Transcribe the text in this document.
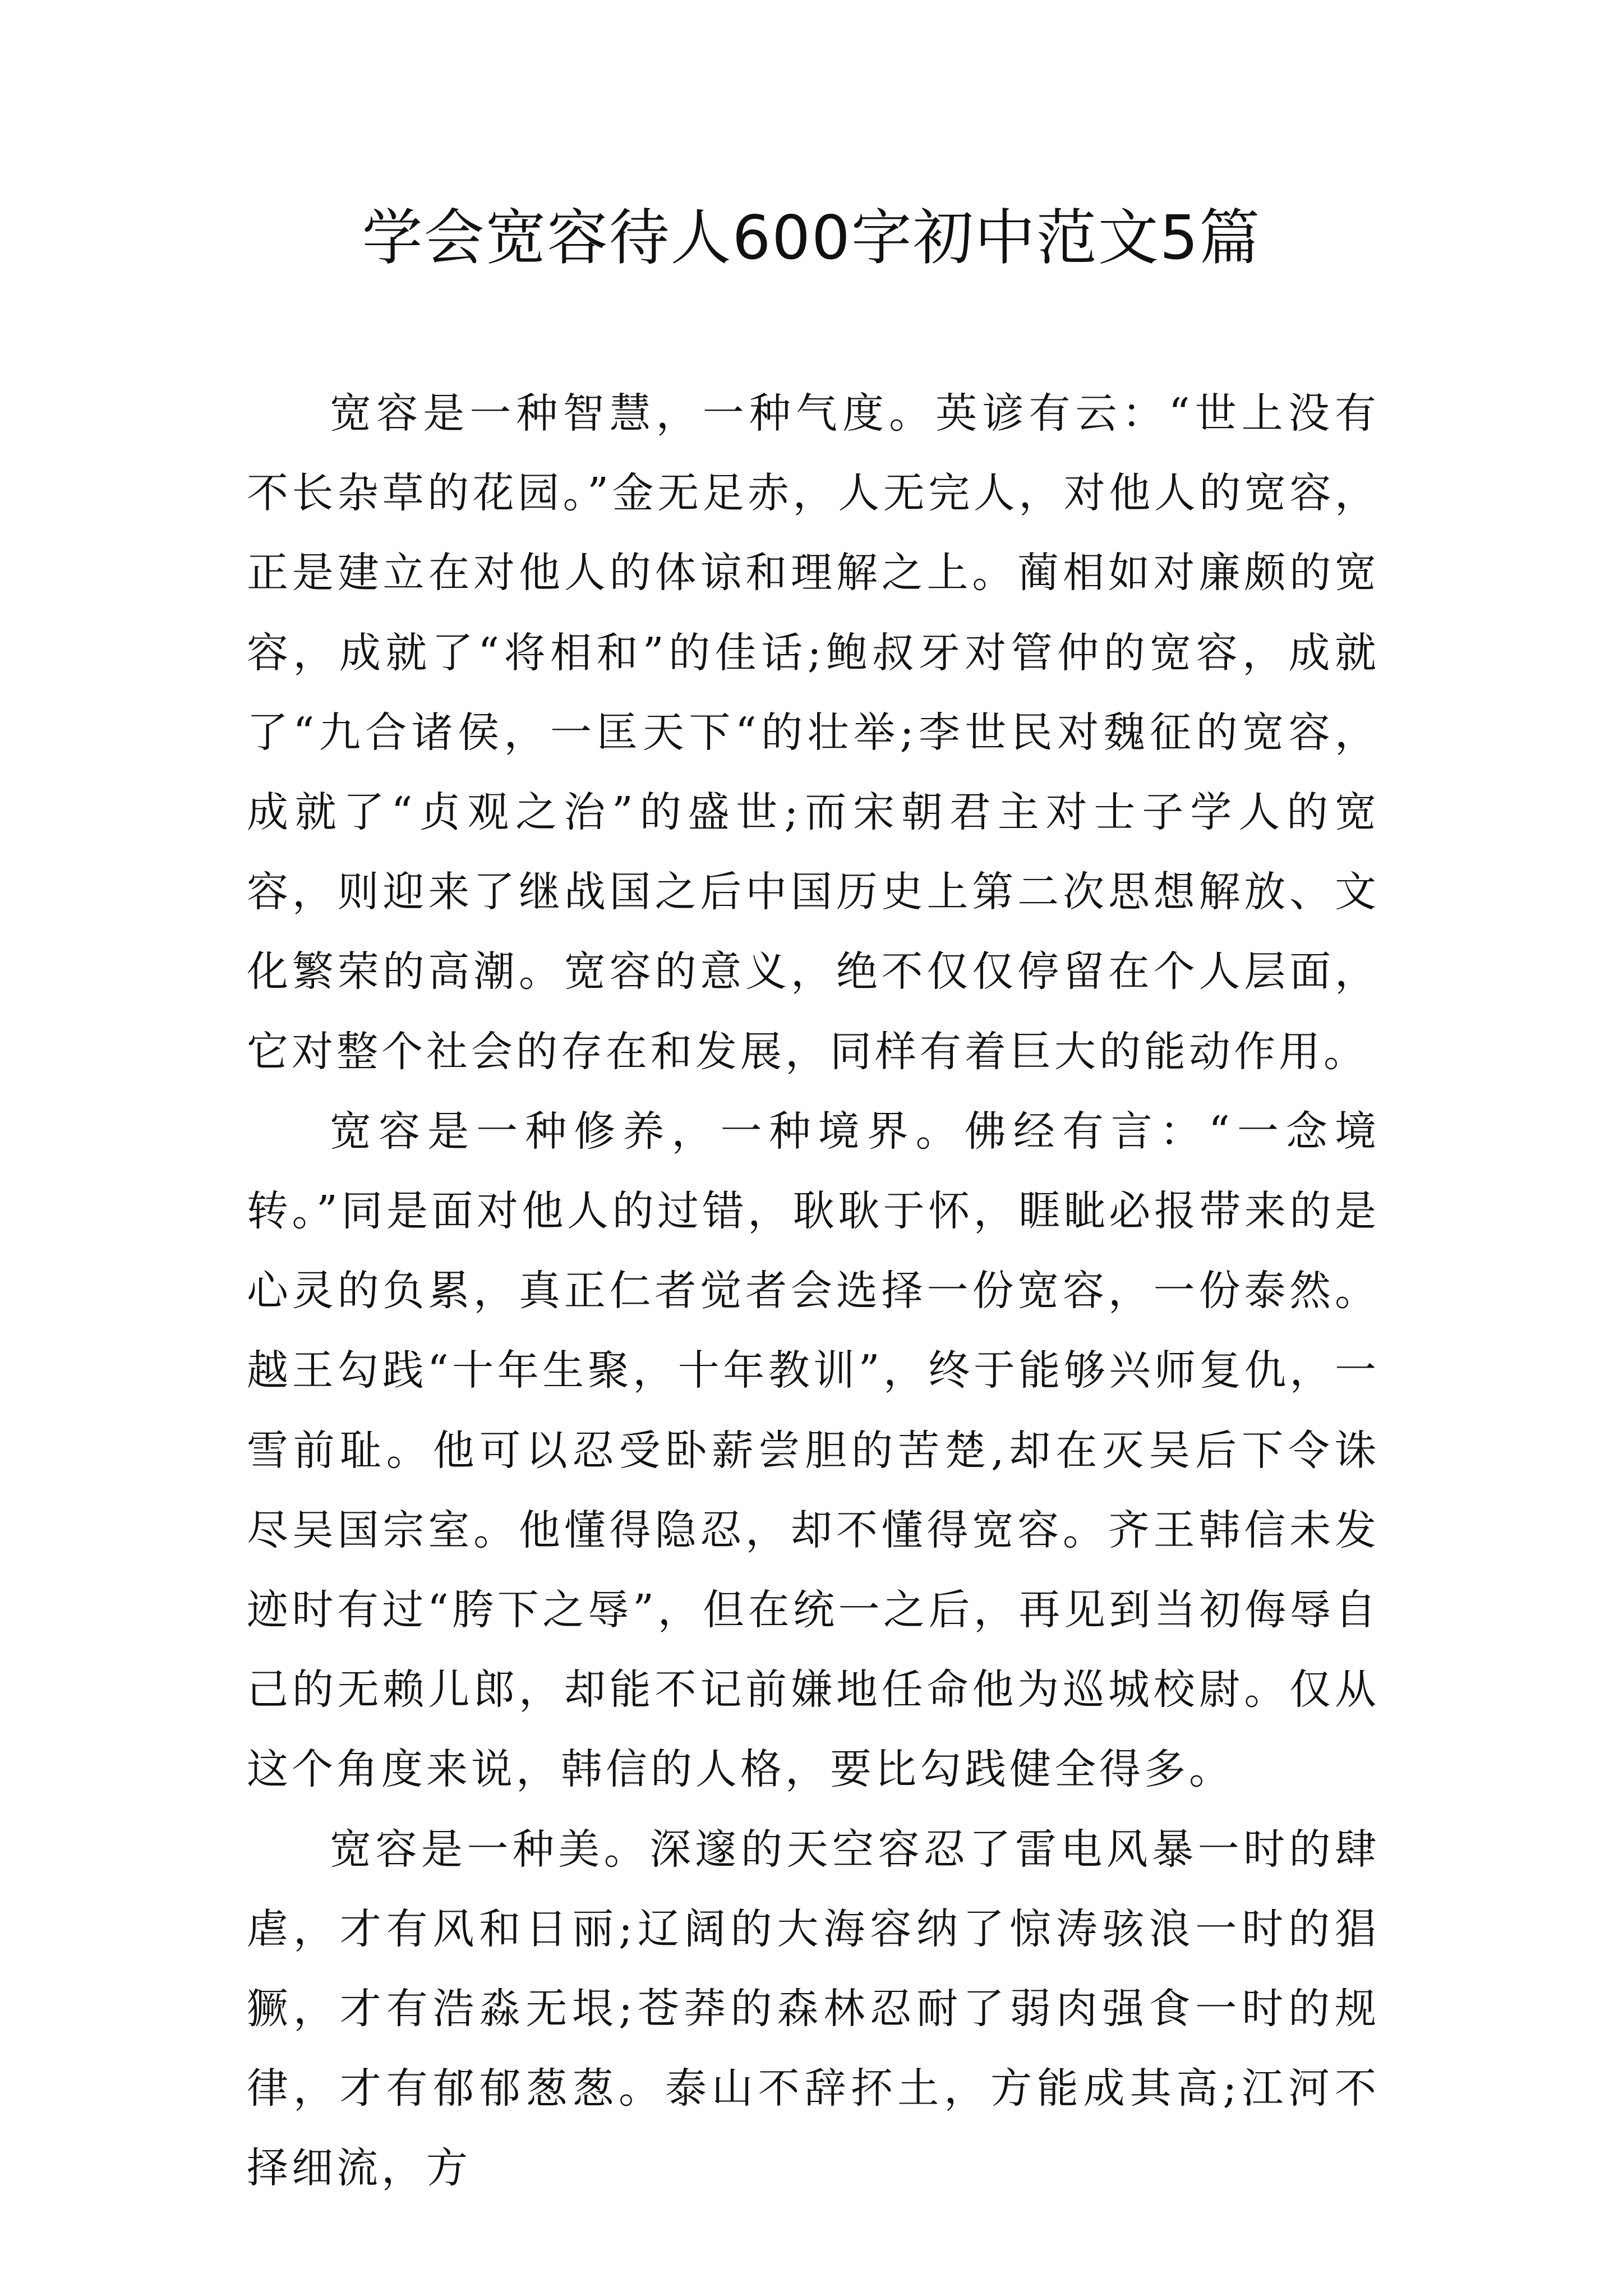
学会宽容待人600字初中范文5篇

宽容是一种智慧，一种气度。英谚有云：“世上没有不长杂草的花园。”金无足赤，人无完人，对他人的宽容，正是建立在对他人的体谅和理解之上。蔺相如对廉颇的宽容，成就了“将相和”的佳话;鲍叔牙对管仲的宽容，成就了“九合诸侯，一匡天下“的壮举;李世民对魏征的宽容，成就了“贞观之治”的盛世;而宋朝君主对士子学人的宽容，则迎来了继战国之后中国历史上第二次思想解放、文化繁荣的高潮。宽容的意义，绝不仅仅停留在个人层面，它对整个社会的存在和发展，同样有着巨大的能动作用。

宽容是一种修养，一种境界。佛经有言：“一念境转。”同是面对他人的过错，耿耿于怀，睚眦必报带来的是心灵的负累，真正仁者觉者会选择一份宽容，一份泰然。越王勾践“十年生聚，十年教训”，终于能够兴师复仇，一雪前耻。他可以忍受卧薪尝胆的苦楚,却在灭吴后下令诛尽吴国宗室。他懂得隐忍，却不懂得宽容。齐王韩信未发迹时有过“胯下之辱”，但在统一之后，再见到当初侮辱自己的无赖儿郎，却能不记前嫌地任命他为巡城校尉。仅从这个角度来说，韩信的人格，要比勾践健全得多。

宽容是一种美。深邃的天空容忍了雷电风暴一时的肆虐，才有风和日丽;辽阔的大海容纳了惊涛骇浪一时的猖獗，才有浩淼无垠;苍莽的森林忍耐了弱肉强食一时的规律，才有郁郁葱葱。泰山不辞抔土，方能成其高;江河不择细流，方
